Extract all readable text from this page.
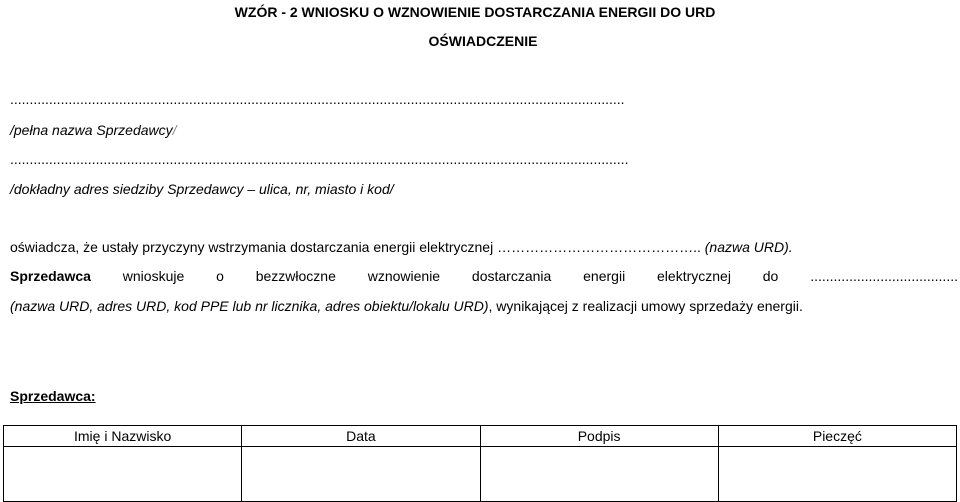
WZÓR - 2 WNIOSKU O WZNOWIENIE DOSTARCZANIA ENERGII DO URD
OŚWIADCZENIE
..............................................................................................................................................................
/pełna nazwa Sprzedawcy/
...............................................................................................................................................................
/dokładny adres siedziby Sprzedawcy – ulica, nr, miasto i kod/
oświadcza, że ustały przyczyny wstrzymania dostarczania energii elektrycznej …………………………………….. (nazwa URD).
Sprzedawca wnioskuje o bezzwłoczne wznowienie dostarczania energii elektrycznej do ......................................
(nazwa URD, adres URD, kod PPE lub nr licznika, adres obiektu/lokalu URD), wynikającej z realizacji umowy sprzedaży energii.
Sprzedawca:
Imię i Nazwisko	Data	Podpis	Pieczęć
